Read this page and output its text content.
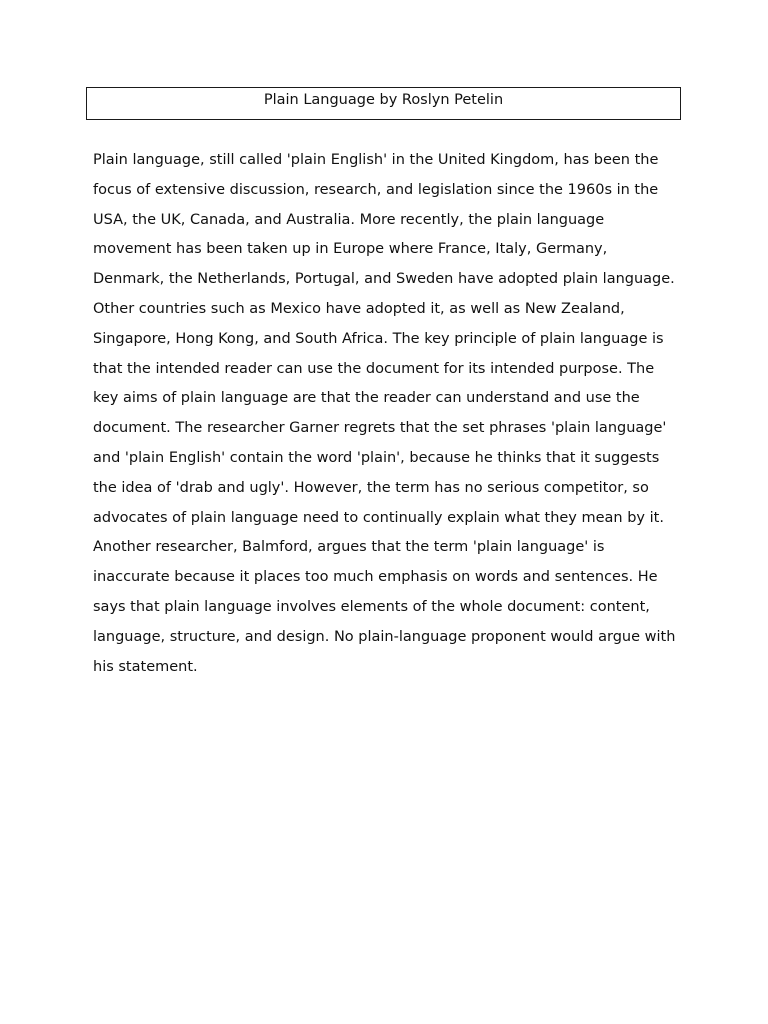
Plain Language by Roslyn Petelin

Plain language, still called 'plain English' in the United Kingdom, has been the focus of extensive discussion, research, and legislation since the 1960s in the USA, the UK, Canada, and Australia. More recently, the plain language movement has been taken up in Europe where France, Italy, Germany, Denmark, the Netherlands, Portugal, and Sweden have adopted plain language. Other countries such as Mexico have adopted it, as well as New Zealand, Singapore, Hong Kong, and South Africa. The key principle of plain language is that the intended reader can use the document for its intended purpose. The key aims of plain language are that the reader can understand and use the document. The researcher Garner regrets that the set phrases 'plain language' and 'plain English' contain the word 'plain', because he thinks that it suggests the idea of 'drab and ugly'. However, the term has no serious competitor, so advocates of plain language need to continually explain what they mean by it. Another researcher, Balmford, argues that the term 'plain language' is inaccurate because it places too much emphasis on words and sentences. He says that plain language involves elements of the whole document: content, language, structure, and design. No plain-language proponent would argue with his statement.
